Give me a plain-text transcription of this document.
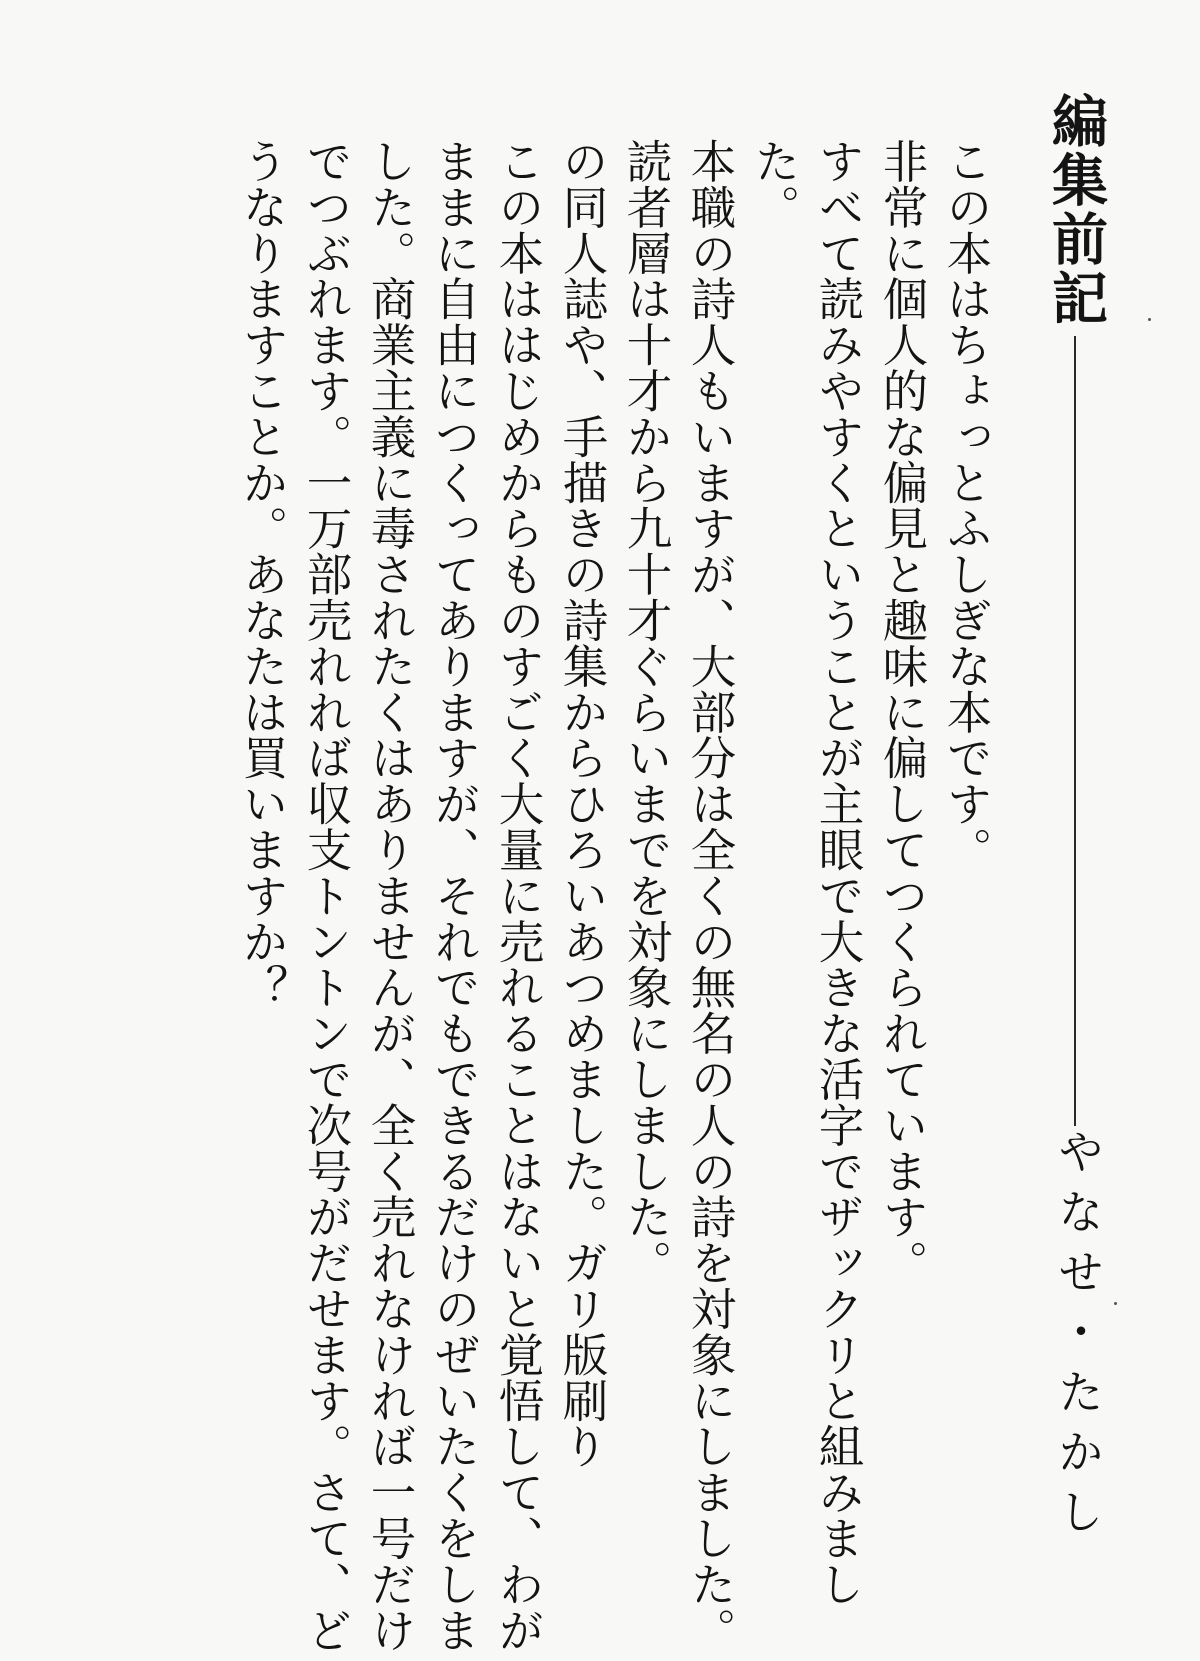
編集前記
やなせ・たかし

この本はちょっとふしぎな本です。

非常に個人的な偏見と趣味に偏してつくられています。

すべて読みやすくということが主眼で大きな活字でザックリと組みました。

本職の詩人もいますが、大部分は全くの無名の人の詩を対象にしました。読者層は十才から九十才ぐらいまでを対象にしました。

の同人誌や、手描きの詩集からひろいあつめました。ガリ版刷り

この本ははじめからものすごく大量に売れることはないと覚悟して、わがままに自由につくってありますが、それでもできるだけのぜいたくをしました。商業主義に毒されたくはありませんが、全く売れなければ一号だけでつぶれます。一万部売れれば収支トントンで次号がだせます。さて、どうなりますことか。あなたは買いますか？
